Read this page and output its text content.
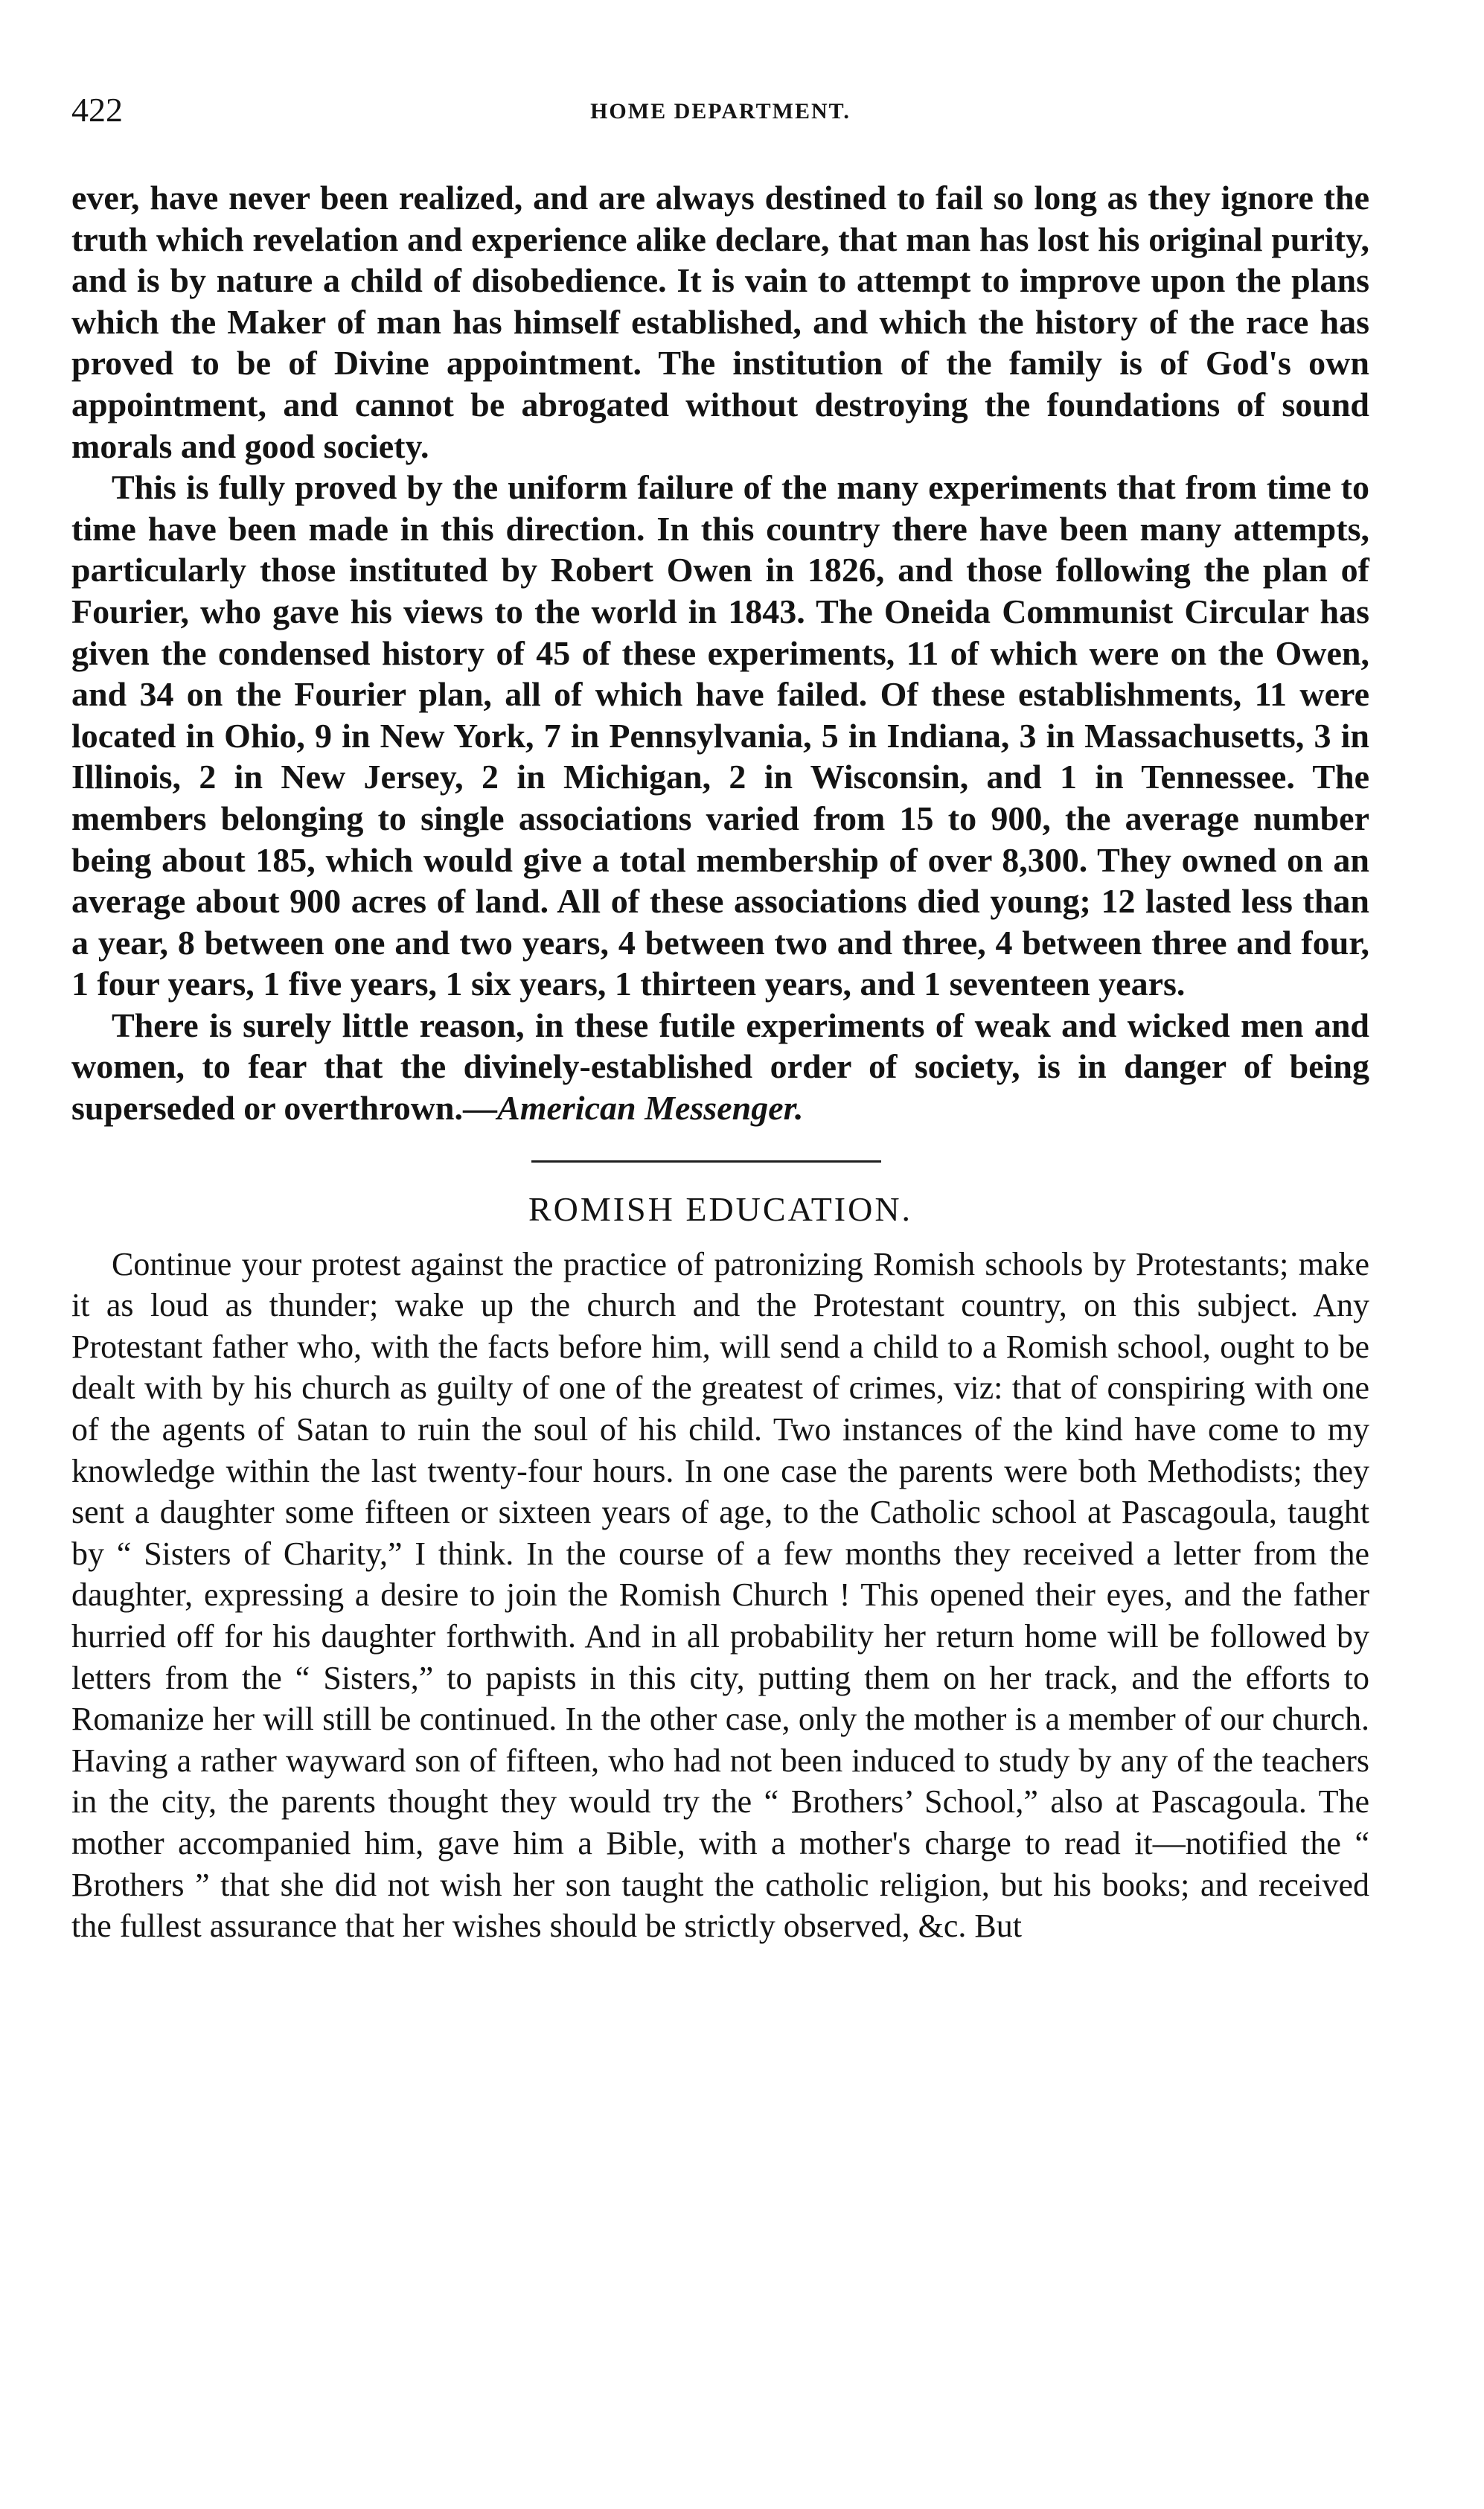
422	HOME DEPARTMENT.

ever, have never been realized, and are always destined to fail so long as they ignore the truth which revelation and experience alike declare, that man has lost his original purity, and is by nature a child of disobedience. It is vain to attempt to improve upon the plans which the Maker of man has himself established, and which the history of the race has proved to be of Divine appointment. The institution of the family is of God's own appointment, and cannot be abrogated without destroying the foundations of sound morals and good society.

This is fully proved by the uniform failure of the many experiments that from time to time have been made in this direction. In this country there have been many attempts, particularly those instituted by Robert Owen in 1826, and those following the plan of Fourier, who gave his views to the world in 1843. The Oneida Communist Circular has given the condensed history of 45 of these experiments, 11 of which were on the Owen, and 34 on the Fourier plan, all of which have failed. Of these establishments, 11 were located in Ohio, 9 in New York, 7 in Pennsylvania, 5 in Indiana, 3 in Massachusetts, 3 in Illinois, 2 in New Jersey, 2 in Michigan, 2 in Wisconsin, and 1 in Tennessee. The members belonging to single associations varied from 15 to 900, the average number being about 185, which would give a total membership of over 8,300. They owned on an average about 900 acres of land. All of these associations died young; 12 lasted less than a year, 8 between one and two years, 4 between two and three, 4 between three and four, 1 four years, 1 five years, 1 six years, 1 thirteen years, and 1 seventeen years.

There is surely little reason, in these futile experiments of weak and wicked men and women, to fear that the divinely-established order of society, is in danger of being superseded or overthrown.—American Messenger.

ROMISH EDUCATION.

Continue your protest against the practice of patronizing Romish schools by Protestants; make it as loud as thunder; wake up the church and the Protestant country, on this subject. Any Protestant father who, with the facts before him, will send a child to a Romish school, ought to be dealt with by his church as guilty of one of the greatest of crimes, viz: that of conspiring with one of the agents of Satan to ruin the soul of his child. Two instances of the kind have come to my knowledge within the last twenty-four hours. In one case the parents were both Methodists; they sent a daughter some fifteen or sixteen years of age, to the Catholic school at Pascagoula, taught by “ Sisters of Charity,” I think. In the course of a few months they received a letter from the daughter, expressing a desire to join the Romish Church ! This opened their eyes, and the father hurried off for his daughter forthwith. And in all probability her return home will be followed by letters from the “ Sisters,” to papists in this city, putting them on her track, and the efforts to Romanize her will still be continued. In the other case, only the mother is a member of our church. Having a rather wayward son of fifteen, who had not been induced to study by any of the teachers in the city, the parents thought they would try the “ Brothers’ School,” also at Pascagoula. The mother accompanied him, gave him a Bible, with a mother's charge to read it—notified the “ Brothers ” that she did not wish her son taught the catholic religion, but his books; and received the fullest assurance that her wishes should be strictly observed, &c. But
